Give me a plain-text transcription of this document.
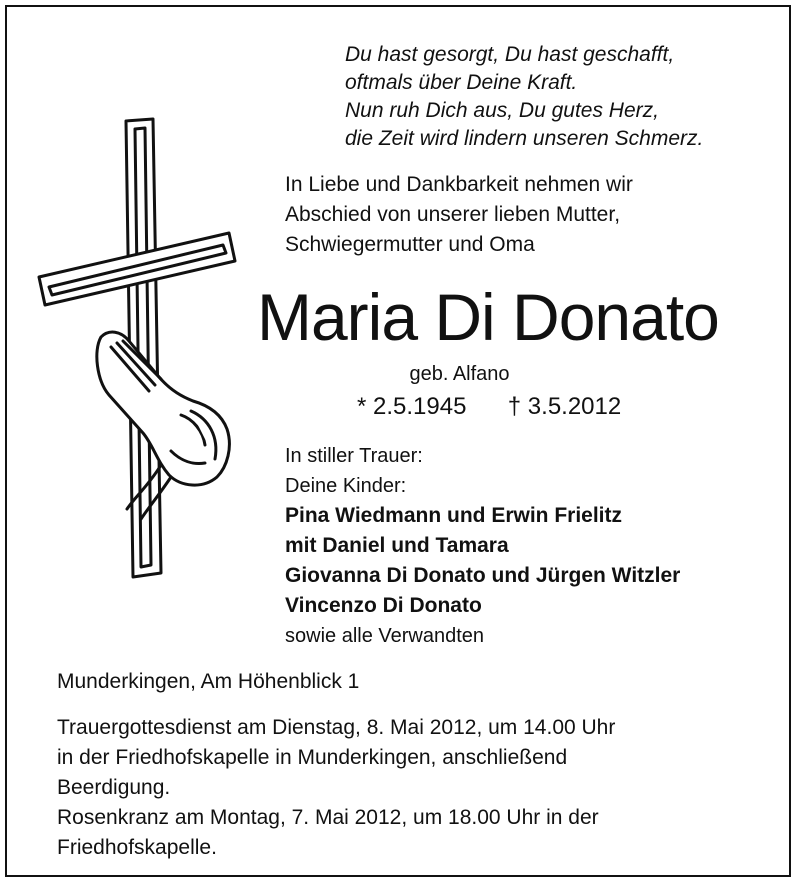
Du hast gesorgt, Du hast geschafft,
oftmals über Deine Kraft.
Nun ruh Dich aus, Du gutes Herz,
die Zeit wird lindern unseren Schmerz.
In Liebe und Dankbarkeit nehmen wir
Abschied von unserer lieben Mutter,
Schwiegermutter und Oma
Maria Di Donato
geb. Alfano
* 2.5.1945 † 3.5.2012
In stiller Trauer:
Deine Kinder:
Pina Wiedmann und Erwin Frielitz
mit Daniel und Tamara
Giovanna Di Donato und Jürgen Witzler
Vincenzo Di Donato
sowie alle Verwandten
Munderkingen, Am Höhenblick 1
Trauergottesdienst am Dienstag, 8. Mai 2012, um 14.00 Uhr
in der Friedhofskapelle in Munderkingen, anschließend
Beerdigung.
Rosenkranz am Montag, 7. Mai 2012, um 18.00 Uhr in der
Friedhofskapelle.
